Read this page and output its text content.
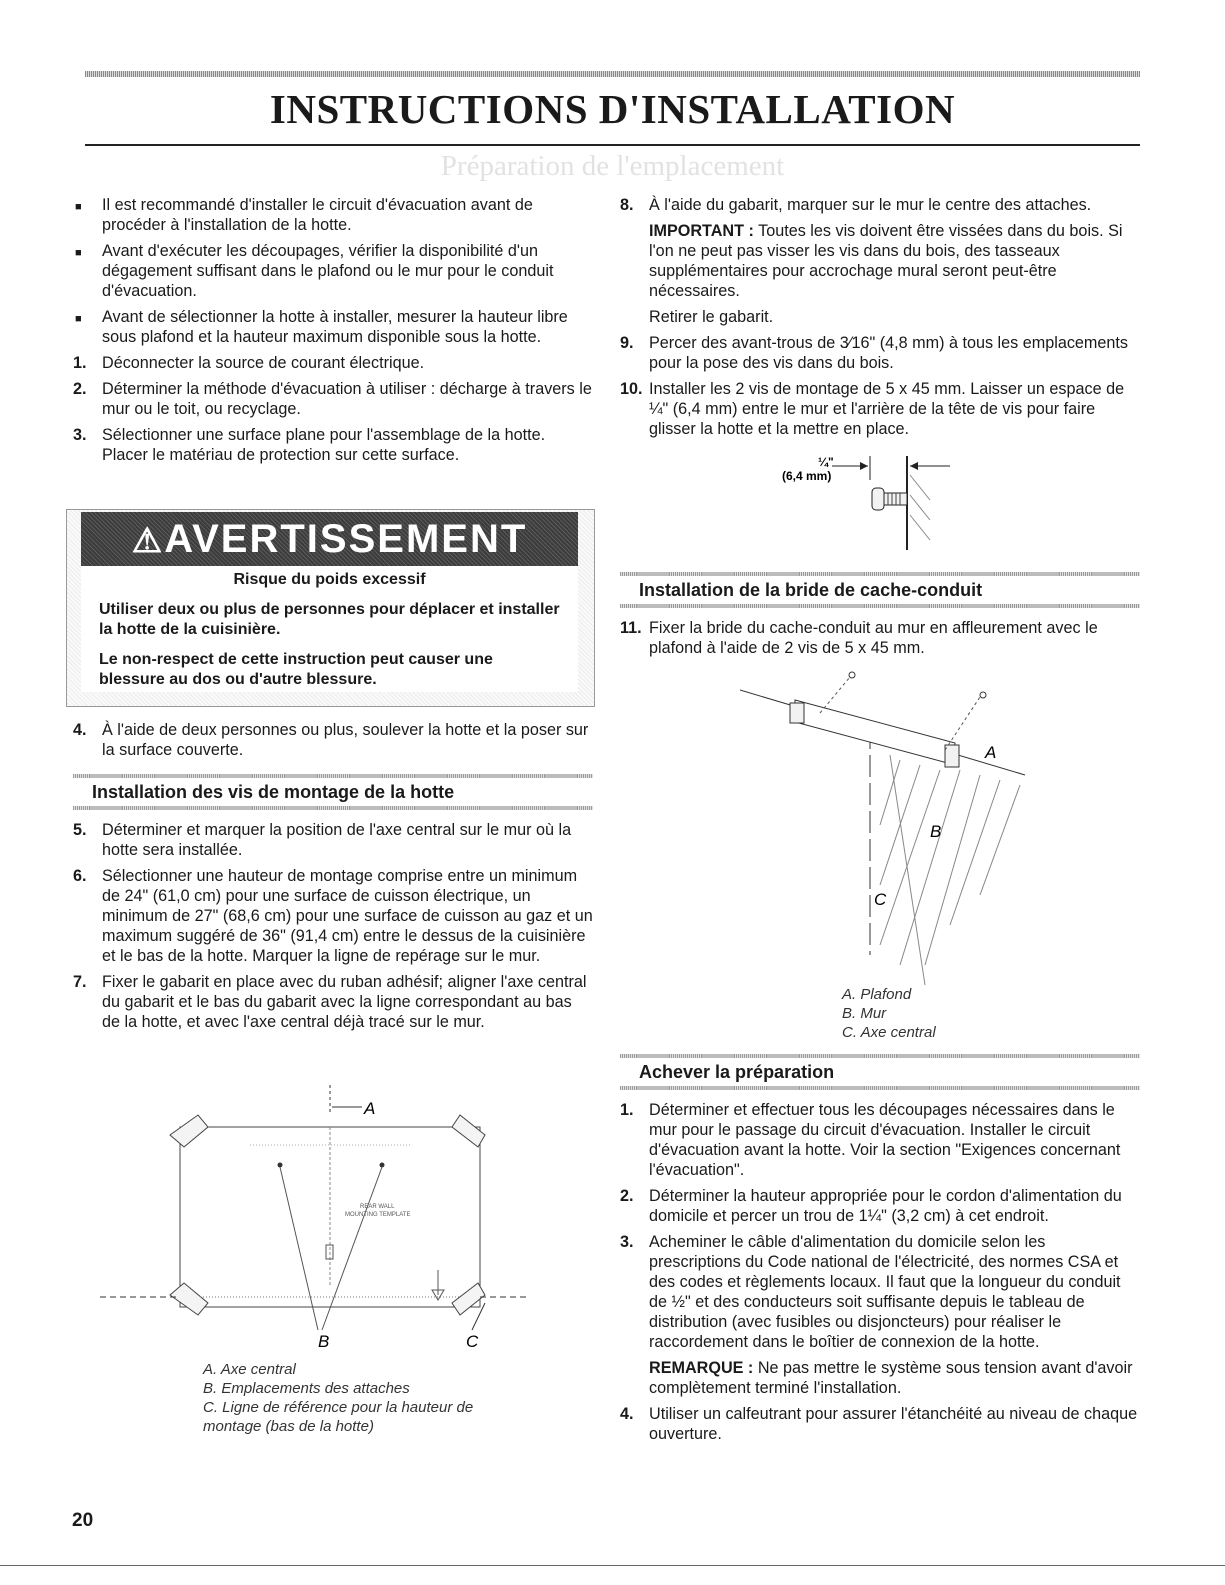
INSTRUCTIONS D'INSTALLATION
Préparation de l'emplacement
■ Il est recommandé d'installer le circuit d'évacuation avant de procéder à l'installation de la hotte.
■ Avant d'exécuter les découpages, vérifier la disponibilité d'un dégagement suffisant dans le plafond ou le mur pour le conduit d'évacuation.
■ Avant de sélectionner la hotte à installer, mesurer la hauteur libre sous plafond et la hauteur maximum disponible sous la hotte.
1. Déconnecter la source de courant électrique.
2. Déterminer la méthode d'évacuation à utiliser : décharge à travers le mur ou le toit, ou recyclage.
3. Sélectionner une surface plane pour l'assemblage de la hotte. Placer le matériau de protection sur cette surface.
⚠AVERTISSEMENT

Risque du poids excessif

Utiliser deux ou plus de personnes pour déplacer et installer la hotte de la cuisinière.

Le non-respect de cette instruction peut causer une blessure au dos ou d'autre blessure.

4. À l'aide de deux personnes ou plus, soulever la hotte et la poser sur la surface couverte.
Installation des vis de montage de la hotte
5. Déterminer et marquer la position de l'axe central sur le mur où la hotte sera installée.
6. Sélectionner une hauteur de montage comprise entre un minimum de 24" (61,0 cm) pour une surface de cuisson électrique, un minimum de 27" (68,6 cm) pour une surface de cuisson au gaz et un maximum suggéré de 36" (91,4 cm) entre le dessus de la cuisinière et le bas de la hotte. Marquer la ligne de repérage sur le mur.
7. Fixer le gabarit en place avec du ruban adhésif; aligner l'axe central du gabarit et le bas du gabarit avec la ligne correspondant au bas de la hotte, et avec l'axe central déjà tracé sur le mur.
A
REAR WALL
MOUNTING TEMPLATE
B	C
A. Axe central
B. Emplacements des attaches
C. Ligne de référence pour la hauteur de montage (bas de la hotte)
8. À l'aide du gabarit, marquer sur le mur le centre des attaches.
IMPORTANT : Toutes les vis doivent être vissées dans du bois. Si l'on ne peut pas visser les vis dans du bois, des tasseaux supplémentaires pour accrochage mural seront peut-être nécessaires.
Retirer le gabarit.
9. Percer des avant-trous de 3⁄16" (4,8 mm) à tous les emplacements pour la pose des vis dans du bois.
10. Installer les 2 vis de montage de 5 x 45 mm. Laisser un espace de ¼" (6,4 mm) entre le mur et l'arrière de la tête de vis pour faire glisser la hotte et la mettre en place.
¼"
(6,4 mm)
Installation de la bride de cache-conduit
11. Fixer la bride du cache-conduit au mur en affleurement avec le plafond à l'aide de 2 vis de 5 x 45 mm.
A
B
C
A. Plafond
B. Mur
C. Axe central
Achever la préparation
1. Déterminer et effectuer tous les découpages nécessaires dans le mur pour le passage du circuit d'évacuation. Installer le circuit d'évacuation avant la hotte. Voir la section "Exigences concernant l'évacuation".
2. Déterminer la hauteur appropriée pour le cordon d'alimentation du domicile et percer un trou de 1¼" (3,2 cm) à cet endroit.
3. Acheminer le câble d'alimentation du domicile selon les prescriptions du Code national de l'électricité, des normes CSA et des codes et règlements locaux. Il faut que la longueur du conduit de ½" et des conducteurs soit suffisante depuis le tableau de distribution (avec fusibles ou disjoncteurs) pour réaliser le raccordement dans le boîtier de connexion de la hotte.
REMARQUE : Ne pas mettre le système sous tension avant d'avoir complètement terminé l'installation.
4. Utiliser un calfeutrant pour assurer l'étanchéité au niveau de chaque ouverture.
20
